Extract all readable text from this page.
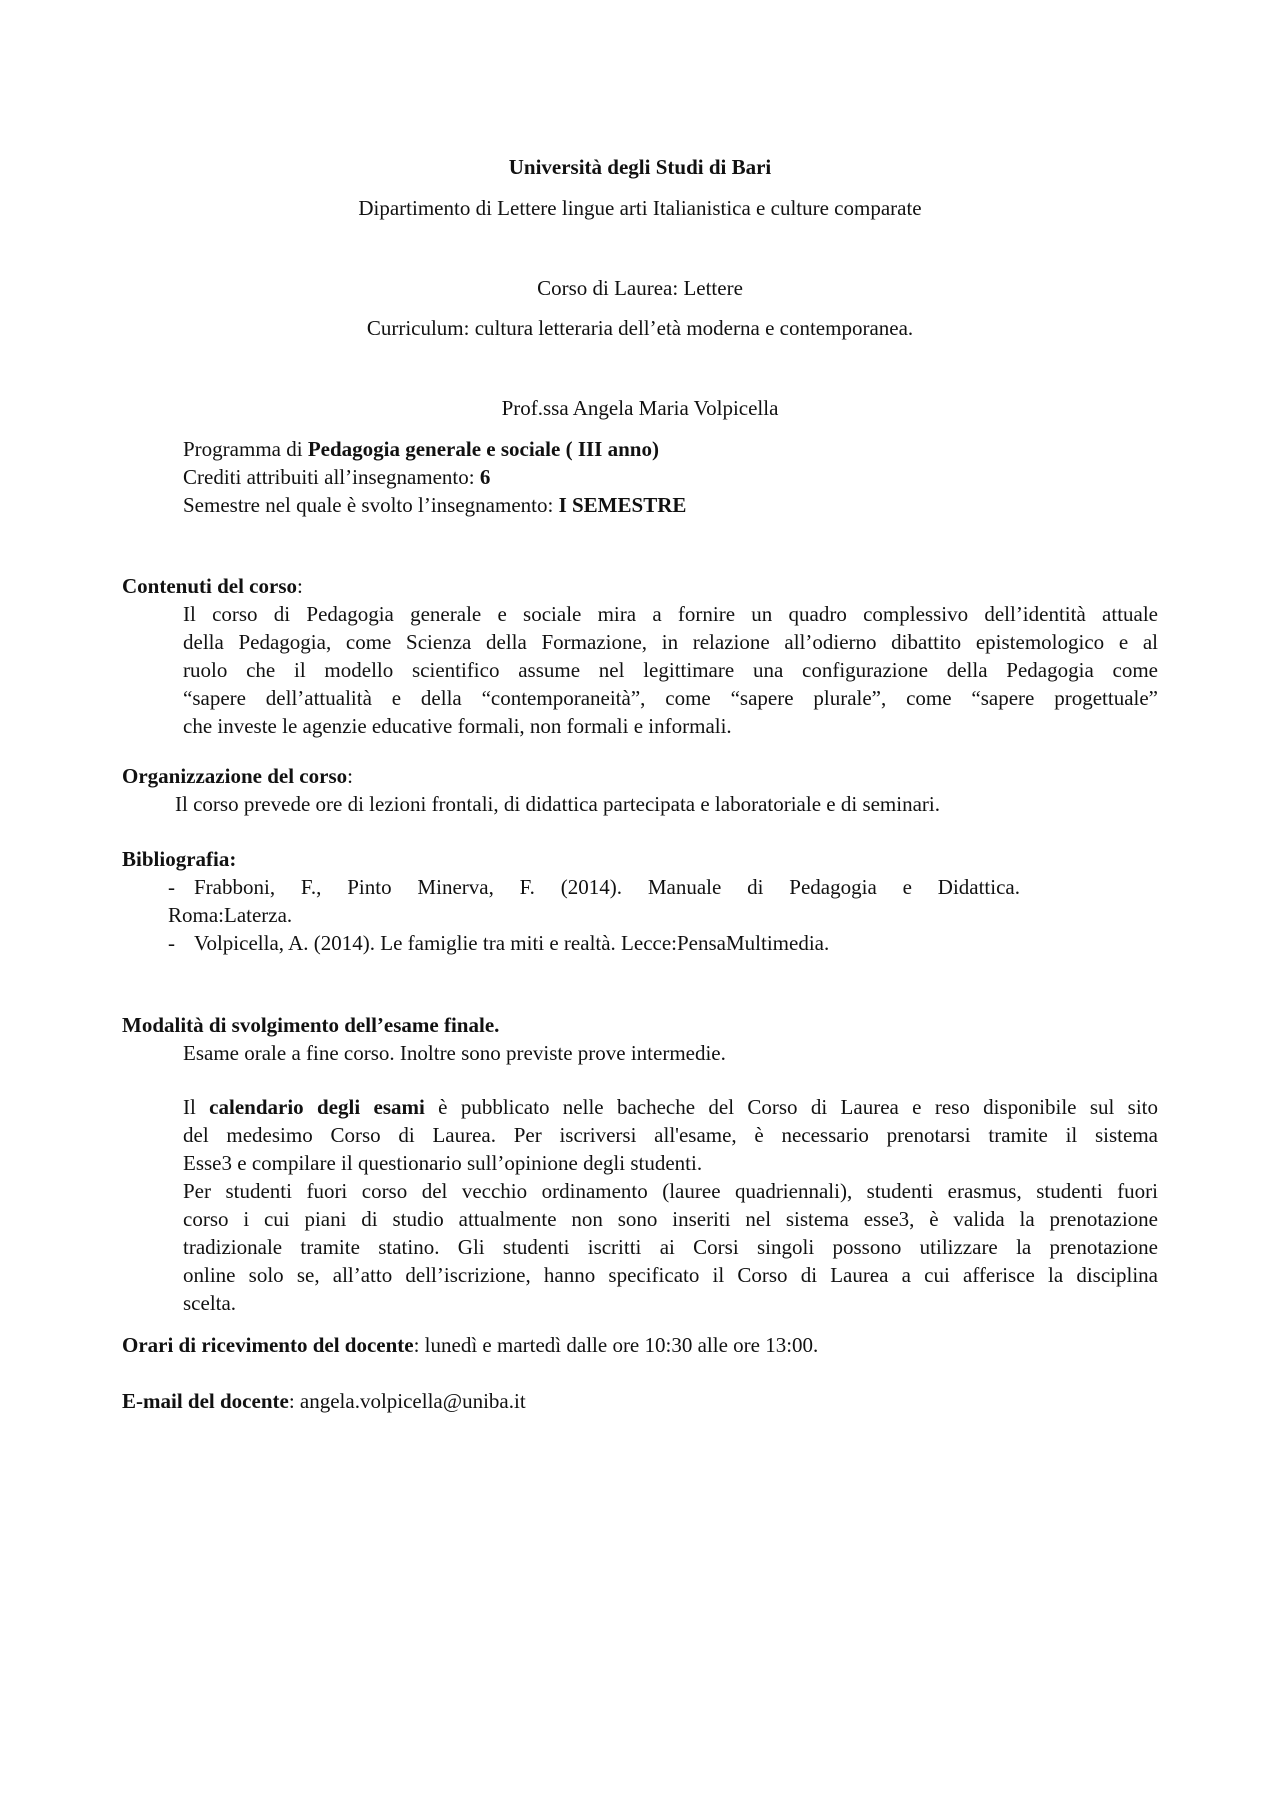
Università degli Studi di Bari
Dipartimento di Lettere lingue arti Italianistica e culture comparate
Corso di Laurea: Lettere
Curriculum: cultura letteraria dell’età moderna e contemporanea.
Prof.ssa Angela Maria Volpicella
Programma di Pedagogia generale e sociale ( III anno)
Crediti attribuiti all’insegnamento: 6
Semestre nel quale è svolto l’insegnamento: I SEMESTRE
Contenuti del corso:
Il corso di Pedagogia generale e sociale mira a fornire un quadro complessivo dell’identità attuale
della Pedagogia, come Scienza della Formazione, in relazione all’odierno dibattito epistemologico e al
ruolo che il modello scientifico assume nel legittimare una configurazione della Pedagogia come
“sapere dell’attualità e della “contemporaneità”, come “sapere plurale”, come “sapere progettuale”
che investe le agenzie educative formali, non formali e informali.
Organizzazione del corso:
Il corso prevede ore di lezioni frontali, di didattica partecipata e laboratoriale e di seminari.
Bibliografia:
- Frabboni, F., Pinto Minerva, F. (2014). Manuale di Pedagogia e Didattica.
Roma:Laterza.
- Volpicella, A. (2014). Le famiglie tra miti e realtà. Lecce:PensaMultimedia.
Modalità di svolgimento dell’esame finale.
Esame orale a fine corso. Inoltre sono previste prove intermedie.
Il calendario degli esami è pubblicato nelle bacheche del Corso di Laurea e reso disponibile sul sito
del medesimo Corso di Laurea. Per iscriversi all'esame, è necessario prenotarsi tramite il sistema
Esse3 e compilare il questionario sull’opinione degli studenti.
Per studenti fuori corso del vecchio ordinamento (lauree quadriennali), studenti erasmus, studenti fuori
corso i cui piani di studio attualmente non sono inseriti nel sistema esse3, è valida la prenotazione
tradizionale tramite statino. Gli studenti iscritti ai Corsi singoli possono utilizzare la prenotazione
online solo se, all’atto dell’iscrizione, hanno specificato il Corso di Laurea a cui afferisce la disciplina
scelta.
Orari di ricevimento del docente: lunedì e martedì dalle ore 10:30 alle ore 13:00.
E-mail del docente: angela.volpicella@uniba.it
